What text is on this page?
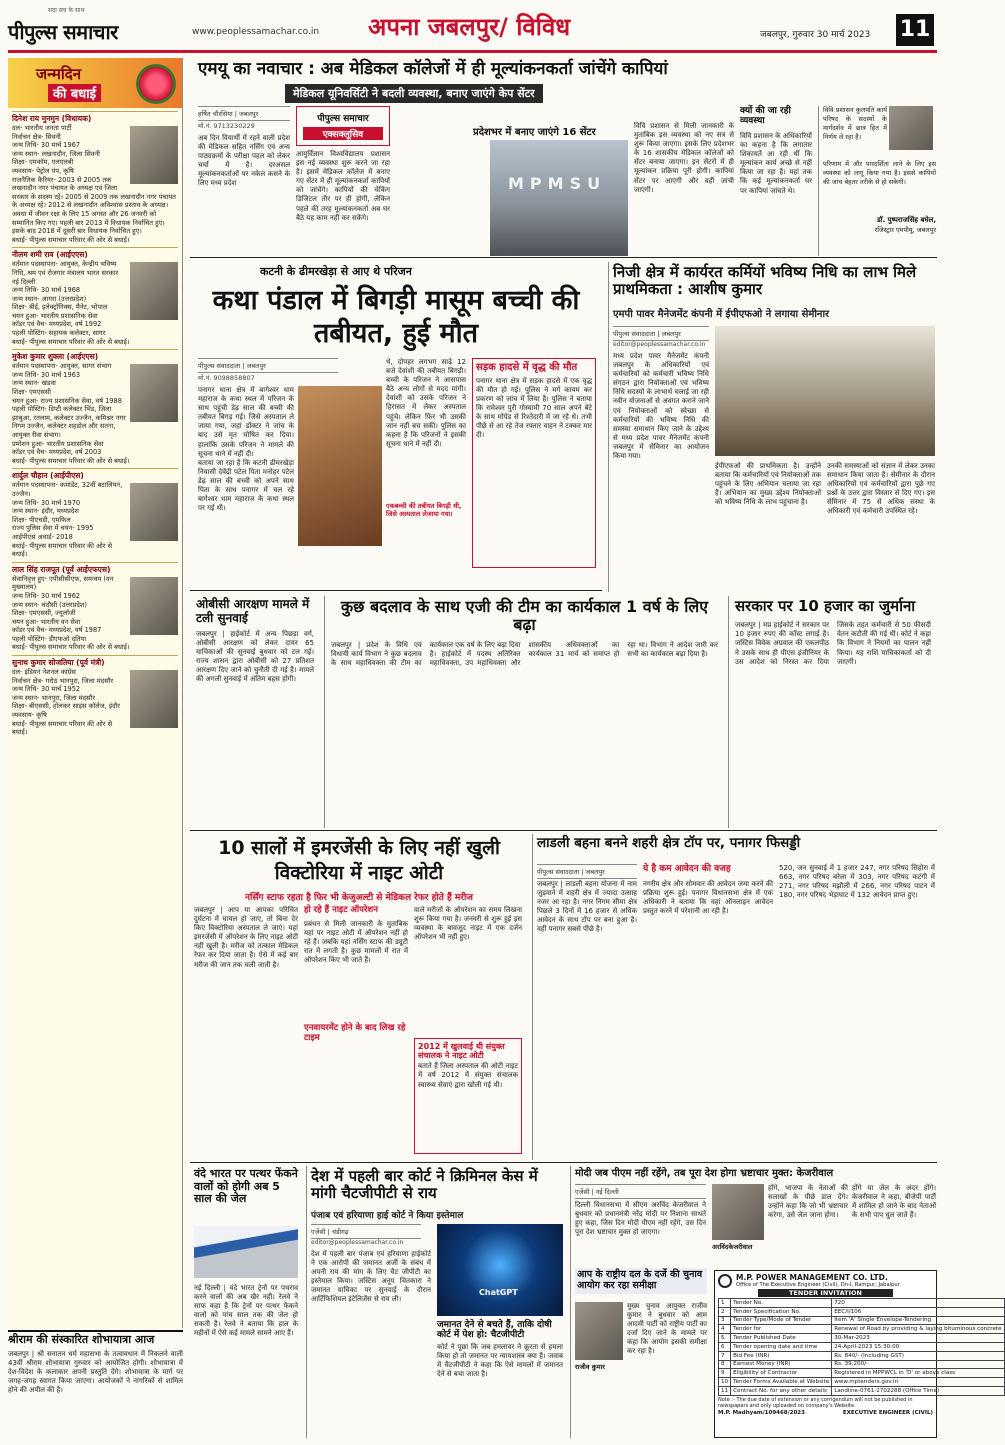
सदा सच के साथ
पीपुल्स समाचार	www.peoplessamachar.co.in अपना जबलपुर/ विविध	जबलपुर, गुरुवार 30 मार्च 2023 11
जन्मदिन
की बधाई
दिनेश राय मुनमुन (विधायक)
दल- भारतीय जनता पार्टी
निर्वाचन क्षेत्र- सिवनी
जन्म तिथि- 30 मार्च 1967
जन्म स्थान- लखनादौन, जिला सिवनी
शिक्षा- एमकॉम, एलएलबी
व्यवसाय- पेट्रोल पंप, कृषि
राजनैतिक कैरियर- 2003 से 2005 तक लखनादौन नगर पंचायत के अध्यक्ष एवं जिला सरकार के सदस्य रहे। 2005 से 2009 तक लखनादौन नगर पंचायत के अध्यक्ष रहे। 2012 से लखनादौन अविश्वास प्रस्ताव के अध्यक्ष। अवधा में जीवन रक्षा के लिए 15 अगस्त और 26 जनवरी को सम्मानित किए गए। पहली बार 2013 में विधायक निर्वाचित हुए। इसके बाद 2018 में दूसरी बार विधायक निर्वाचित हुए।
बधाई- पीपुल्स समाचार परिवार की ओर से बधाई।
नीलम शमी राव (आईएएस)
वर्तमान पदस्थापना- आयुक्त, केन्द्रीय भविष्य निधि, श्रम एवं रोजगार मंत्रालय भारत सरकार नई दिल्ली
जन्म तिथि- 30 मार्च 1968
जन्म स्थान- आगरा (उत्तरप्रदेश)
शिक्षा- बीई, इलेक्ट्रॉनिक्स, मैनेट, भोपाल
चयन हुआ- भारतीय प्रशासनिक सेवा
कॉडर एवं वैच- मध्यप्रदेश, वर्ष 1992
पहली पोस्टिंग- सहायक कलेक्टर, सागर
बधाई- पीपुल्स समाचार परिवार की ओर से बधाई।
मुकेश कुमार शुक्ला (आईएएस)
वर्तमान पदस्थापना- आयुक्त, सागर संभाग
जन्म तिथि- 30 मार्च 1963
जन्म स्थान- खंडवा
शिक्षा- एमएससी
चयन हुआ- राज्य प्रशासनिक सेवा, वर्ष 1988
पहली पोस्टिंग- डिप्टी कलेक्टर भिंड, जिला झाबुआ, रतलाम, कलेक्टर उज्जैन, कमिश्नर नगर निगम उज्जैन, कलेक्टर शहडोल और सतना, आयुक्त रीवा संभाग।
प्रमोशन हुआ- भारतीय प्रशासनिक सेवा
कॉडर एवं वैच- मध्यप्रदेश, वर्ष 2003
बधाई- पीपुल्स समाचार परिवार की ओर से बधाई।
शार्दुल चौहान (आईपीएस)
वर्तमान पदस्थापना- कमांडेंट, 32वीं बटालियन, उज्जैन।
जन्म तिथि- 30 मार्च 1970
जन्म स्थान- इंदौर, मध्यप्रदेश
शिक्षा- पीएचडी, एमफिल
राज्य पुलिस सेवा में चयन- 1995
आईपीएस अवार्ड- 2018
बधाई- पीपुल्स समाचार परिवार की ओर से बधाई।
लाल सिंह राजपूत (पूर्व आईएफएस)
सेवानिवृत्त हुए- एपीसीसीएफ, समन्वय (वन मुख्यालय)
जन्म तिथि- 30 मार्च 1962
जन्म स्थान- चंदौसी (उत्तरप्रदेश)
शिक्षा- एमएससी, ज्यूलॉजी
चयन हुआ- भारतीय वन सेवा
कॉडर एवं वैच- मध्यप्रदेश, वर्ष 1987
पहली पोस्टिंग- डीएफओ दतिया
बधाई- पीपुल्स समाचार परिवार की ओर से बधाई।
सुनाथ कुमार सोजतिया (पूर्व मंत्री)
दल- इंडियन नेशनल कांग्रेस
निर्वाचन क्षेत्र- गरोठ भानपुरा, जिला मंदसौर
जन्म तिथि- 30 मार्च 1952
जन्म स्थान- भानपुरा, जिला मंदसौर
शिक्षा- बीएससी, होलकर साइंस कॉलेज, इंदौर
व्यवसाय- कृषि
बधाई- पीपुल्स समाचार परिवार की ओर से बधाई।
श्रीराम की संस्कारित शोभायात्रा आज
जबलपुर | श्री सनातन धर्म महासभा के तत्वावधान में निकलने वाली 43वीं श्रीराम शोभायात्रा गुरुवार को आयोजित होगी। शोभायात्रा में देश-विदेश के कलाकार अपनी प्रस्तुति देंगे। शोभायात्रा के मार्ग पर जगह-जगह स्वागत किया जाएगा। आयोजकों ने नागरिकों से शामिल होने की अपील की है।
एमयू का नवाचार : अब मेडिकल कॉलेजों में ही मूल्यांकनकर्ता जांचेंगे कापियां
मेडिकल यूनिवर्सिटी ने बदली व्यवस्था, बनाए जाएंगे केप सेंटर
हर्षित चौरसिया | जबलपुर
मो.नं. 9713230229
अब दिन वियार्थी में रहने वाली प्रदेश की मेडिकल सहित नर्सिंग एवं अन्य पाठ्यक्रमों के परीक्षा पहल को लेकर चर्चा में है। दरअसल मूल्यांकनकर्ताओं पर नकेल कसने के लिए मध्य प्रदेश
पीपुल्स समाचार
एक्सक्लूसिव
आयुर्विज्ञान विश्वविद्यालय प्रशासन इस नई व्यवस्था शुरू करने जा रहा है। इसमें मेडिकल कॉलेज में बनाए गए सेंटर में ही मूल्यांकनकर्ता कापियों को जांचेंगे। कापियों की चेकिंग डिजिटल तौर पर ही होगी, लेकिन पहले की तरह मूल्यांकनकर्ता अब घर बैठे यह काम नहीं कर सकेंगे।
प्रदेशभर में बनाए जाएंगे 16 सेंटर
MPMSU
विवि प्रशासन से मिली जानकारी के मुताबिक इस व्यवस्था को नए सत्र से शुरू किया जाएगा। इसके लिए प्रदेशभर के 16 शासकीय मेडिकल कॉलेजों को सेंटर बनाया जाएगा। इन सेंटरों में ही मूल्यांकन प्रक्रिया पूरी होगी। कापियां सेंटर पर आएंगी और वहीं जांची जाएंगी।
क्यों की जा रही व्यवस्था
विवि प्रशासन के अधिकारियों का कहना है कि लगातार शिकायतें आ रही थीं कि मूल्यांकन कार्य अच्छे से नहीं किया जा रहा है। यहां तक कि कई मूल्यांकनकर्ता घर पर कापियां जांचते थे।
विवि प्रशासन कुलपति कार्य परिषद के सदस्यों के मार्गदर्शन में छात्र हित में निर्णय ले रहा है।
परिणाम में और पारदर्शिता लाने के लिए इस व्यवस्था को लागू किया गया है। इससे कापियों की जांच बेहतर तरीके से हो सकेगी।
डॉ. पुष्पराजसिंह बघेल,
रजिस्ट्रार एमपीयू, जबलपुर
कटनी के ढीमरखेड़ा से आए थे परिजन
कथा पंडाल में बिगड़ी मासूम बच्ची की तबीयत, हुई मौत
पीपुल्स संवाददाता | जबलपुर
मो.नं. 9098858807
पनागर थाना क्षेत्र में बागेश्वर धाम महाराज के कथा स्थल में परिजन के साथ पहुंची डेढ़ साल की बच्ची की तबीयत बिगड़ गई। जिसे अस्पताल ले जाया गया, जहां डॉक्टर ने जांच के बाद उसे मृत घोषित कर दिया। हालांकि उसके परिजन ने मामले की सूचना थाने में नहीं दी।
बताया जा रहा है कि कटनी ढीमरखेड़ा निवासी देवेंद्री पटेल पिता मनोहर पटेल डेढ़ साल की बच्ची को अपने साथ पिता के साथ पनागर में चल रहे बागेश्वर धाम महाराज के कथा स्थल पर गई थी।
थे, दोपहर लगभग साढ़े 12 बजे देवांशी की तबीयत बिगड़ी। बच्ची के परिजन ने आसपास बैठे अन्य लोगों से मदद मांगी। देवांशी को उसके परिजन ने हिरासत में लेकर अस्पताल पहुंचे। लेकिन फिर भी उसकी जान नहीं बच सकी। पुलिस का कहना है कि परिजनों ने इसकी सूचना थाने में नहीं दी।
एकबच्ची की तबीयत बिगड़ी थी, जिसे अस्पताल लेजाया गया।
सड़क हादसे में वृद्ध की मौत
पनागर थाना क्षेत्र में सड़क हादसे में एक वृद्ध की मौत हो गई। पुलिस ने मर्ग कायम कर प्रकरण को जांच में लिया है। पुलिस ने बताया कि रामेश्वर पुरी गोस्वामी 70 साल अपने बेटे के साथ मोपेड से रिश्तेदारी में जा रहे थे। तभी पीछे से आ रहे तेज रफ्तार वाहन ने टक्कर मार दी।
निजी क्षेत्र में कार्यरत कर्मियों भविष्य निधि का लाभ मिले प्राथमिकता : आशीष कुमार
एमपी पावर मैनेजमेंट कंपनी में ईपीएफओ ने लगाया सेमीनार
पीपुल्स संवाददाता | जबलपुर
editor@peoplessamachar.co.in
मध्य प्रदेश पावर मैनेजमेंट कंपनी जबलपुर के अधिकारियों एवं कर्मचारियों को कर्मचारी भविष्य निधि संगठन द्वारा नियोक्ताओं एवं भविष्य निधि सदस्यों के लाभार्थ चलाई जा रही नवीन योजनाओं से अवगत कराने जाने एवं नियोक्ताओं को स्वेच्छा से कर्मचारियों की भविष्य निधि की समस्या समाधान किए जाने के उद्देश्य से मध्य प्रदेश पावर मैनेजमेंट कंपनी जबलपुर में सेमिनार का आयोजन किया गया।
ईपीएफओ की प्राथमिकता है। उन्होंने बताया कि कर्मचारियों एवं नियोक्ताओं तक पहुंचने के लिए अभियान चलाया जा रहा है। अभियान का मुख्य उद्देश्य नियोक्ताओं को भविष्य निधि के लाभ पहुंचाना है।
उनकी समस्याओं को संज्ञान में लेकर उनका समाधान किया जाता है। सेमीनार के दौरान अधिकारियों एवं कर्मचारियों द्वारा पूछे गए प्रश्नों के उत्तर द्वारा विस्तार से दिए गए। इस सेमिनार में 75 से अधिक संस्था के अधिकारी एवं कर्मचारी उपस्थित रहे।
ओबीसी आरक्षण मामले में टली सुनवाई
जबलपुर | हाईकोर्ट में अन्य पिछड़ा वर्ग, ओबीसी आरक्षण को लेकर दायर 65 याचिकाओं की सुनवाई बुधवार को टल गई। राज्य शासन द्वारा ओबीसी को 27 प्रतिशत आरक्षण दिए जाने को चुनौती दी गई है। मामले की अगली सुनवाई में अंतिम बहस होगी।
कुछ बदलाव के साथ एजी की टीम का कार्यकाल 1 वर्ष के लिए बढ़ा
जबलपुर | प्रदेश के विधि एवं विधायी कार्य विभाग ने कुछ बदलाव के साथ महाधिवक्ता की टीम का कार्यकाल एक वर्ष के लिए बढ़ा दिया है। हाईकोर्ट में पदस्थ अतिरिक्त महाधिवक्ता, उप महाधिवक्ता और शासकीय अधिवक्ताओं का कार्यकाल 31 मार्च को समाप्त हो रहा था। विभाग ने आदेश जारी कर सभी का कार्यकाल बढ़ा दिया है।
सरकार पर 10 हजार का जुर्माना
जबलपुर | मप्र हाईकोर्ट ने सरकार पर 10 हजार रुपए की कॉस्ट लगाई है। जस्टिस विवेक अग्रवाल की एकलपीठ ने उसके साथ ही पीएस इंजीनियर के उस आदेश को निरस्त कर दिया जिसके तहत कर्मचारी से 50 फीसदी वेतन कटौती की गई थी। कोर्ट ने कहा कि विभाग ने नियमों का पालन नहीं किया। यह राशि याचिकाकर्ता को दी जाएगी।
10 सालों में इमरजेंसी के लिए नहीं खुली विक्टोरिया में नाइट ओटी
नर्सिंग स्टाफ रहता है फिर भी केजुअल्टी से मेडिकल रेफर होते हैं मरीज
जबलपुर | आप या आपका परिचित दुर्घटना में घायल हो जाए, तो बिना देर किए विक्टोरिया अस्पताल ले जाएं। यहां इमरजेंसी में ऑपरेशन के लिए नाइट ओटी नहीं खुली है। मरीज को तत्काल मेडिकल रेफर कर दिया जाता है। ऐसे में कई बार मरीज की जान तक चली जाती है।
हो रहे हैं नाइट ऑपरेशन
प्रबंधन से मिली जानकारी के मुताबिक यहां पर नाइट ओटी में ऑपरेशन नहीं हो रहे हैं। जबकि यहां नर्सिंग स्टाफ की ड्यूटी रात में लगती है। कुछ मामलों में रात में ऑपरेशन किए भी जाते हैं।
एनवायरमेंट होने के बाद लिख रहे टाइम
वाले मरीजों के ऑपरेशन का समय लिखना शुरू किया गया है। जनवरी से शुरू हुई इस व्यवस्था के बावजूद नाइट में एक दर्जन ऑपरेशन भी नहीं हुए।
2012 में खुलवाई थी संयुक्त संचालक ने नाइट ओटी
बताते हैं जिला अस्पताल की ओटी नाइट में वर्ष 2012 में संयुक्त संचालक स्वास्थ्य सेवाएं द्वारा खोली गई थी।
लाडली बहना बनने शहरी क्षेत्र टॉप पर, पनागर फिसड्डी
पीपुल्स संवाददाता | जबलपुर
जबलपुर | लाडली बहना योजना में नाम जुड़वाने में शहरी क्षेत्र में ज्यादा उत्साह नजर आ रहा है। नगर निगम सीमा क्षेत्र पिछले 3 दिनों में 16 हजार से अधिक आवेदन के साथ टॉप पर बना हुआ है। वहीं पनागर सबसे पीछे है।
ये है कम आवेदन की वजह
नगरीय क्षेत्र और सोमवार की आवेदन जमा करने की प्रक्रिया शुरू हुई। पनागर विधानसभा क्षेत्र में एक अधिकारी ने बताया कि वहां ऑनलाइन आवेदन प्रस्तुत करने में परेशानी आ रही है।
520, जन सुनवाई में 1 हजार 247, नगर परिषद सिहोरा में 663, नगर परिषद बरेला में 303, नगर परिषद कटंगी में 271, नगर परिषद मझौली में 266, नगर परिषद पाटन में 180, नगर परिषद भेड़ाघाट में 132 आवेदन प्राप्त हुए।
वंदे भारत पर पत्थर फेंकने वालों को होगी अब 5 साल की जेल
नई दिल्ली | वंदे भारत ट्रेनों पर पथराव करने वालों की अब खैर नहीं। रेलवे ने साफ कहा है कि ट्रेनों पर पत्थर फेंकने वालों को पांच साल तक की जेल हो सकती है। रेलवे ने बताया कि हाल के महीनों में ऐसे कई मामले सामने आए हैं।
देश में पहली बार कोर्ट ने क्रिमिनल केस में मांगी चैटजीपीटी से राय
पंजाब एवं हरियाणा हाई कोर्ट ने किया इस्तेमाल
एजेंसी | चंडीगढ़
editor@peoplessamachar.co.in
देश में पहली बार पंजाब एवं हरियाणा हाईकोर्ट ने एक आरोपी की जमानत अर्जी के संबंध में अपनी राय की मांग के लिए चैट जीपीटी का इस्तेमाल किया। जस्टिस अनूप चितकारा ने जमानत याचिका पर सुनवाई के दौरान आर्टिफिशियल इंटेलिजेंस से राय ली।
ChatGPT
जमानत देने से बचते हैं, ताकि दोषी कोर्ट में पेश हो: चैटजीपीटी
कोर्ट ने पूछा कि जब हमलावर ने क्रूरता से हमला किया हो तो जमानत पर न्यायशास्त्र क्या है। जवाब में चैटजीपीटी ने कहा कि ऐसे मामलों में जमानत देने से बचा जाता है।
मोदी जब पीएम नहीं रहेंगे, तब पूरा देश होगा भ्रष्टाचार मुक्त: केजरीवाल
एजेंसी | नई दिल्ली
दिल्ली विधानसभा में सीएम अरविंद केजरीवाल ने बुधवार को प्रधानमंत्री नरेंद्र मोदी पर निशाना साधते हुए कहा, जिस दिन मोदी पीएम नहीं रहेंगे, उस दिन पूरा देश भ्रष्टाचार मुक्त हो जाएगा।
आप के राष्ट्रीय दल के दर्जे की चुनाव आयोग कर रहा समीक्षा
राजीव कुमार
मुख्य चुनाव आयुक्त राजीव कुमार ने बुधवार को आम आदमी पार्टी को राष्ट्रीय पार्टी का दर्जा दिए जाने के मामले पर कहा कि आयोग इसकी समीक्षा कर रहा है।
अरविंदकेजरीवाल
होंगे, भाजपा के नेताओं की सलाखों के पीछे डाल देंगे। उन्होंने कहा कि जो भी भ्रष्टाचार करेगा, उसे जेल जाना होगा।
होंगे या जेल के अंदर होंगे। केजरीवाल ने कहा, बीजेपी पार्टी में शामिल हो जाने के बाद नेताओं के सभी पाप धुल जाते हैं।
M.P. POWER MANAGEMENT CO. LTD.
Office of The Executive Engineer (Civil), Dn-I, Rampur, Jabalpur
TENDER INVITATION
1	Tender No.	720
2	Tender Specification No.	EEC/I/106
3	Tender Type/Mode of Tender	Item 'A' Single Envelope-Tendering
4	Tender for	Renewal of Road by providing & laying bituminous concrete
5	Tender Published Date	30-Mar-2023
6	Tender opening date and time	24-April-2023 15:30:00
7	Bid Fee (INR)	Rs. 840/- (Including GST)
8	Earnest Money (INR)	Rs. 39,200/-
9	Eligibility of Contractor	Registered in MPPWCL in 'D' or above class
10	Tender Forms Available at Website	www.mptenders.gov.in
11	Contract No. for any other details	Landline-0761-2702288 (Office Time)
Note :- The due date of extension or any corrigendum will not be published in newspapers and only uploaded on company's Website.
M.P. Madhyam/109468/2023	EXECUTIVE ENGINEER (CIVIL)
